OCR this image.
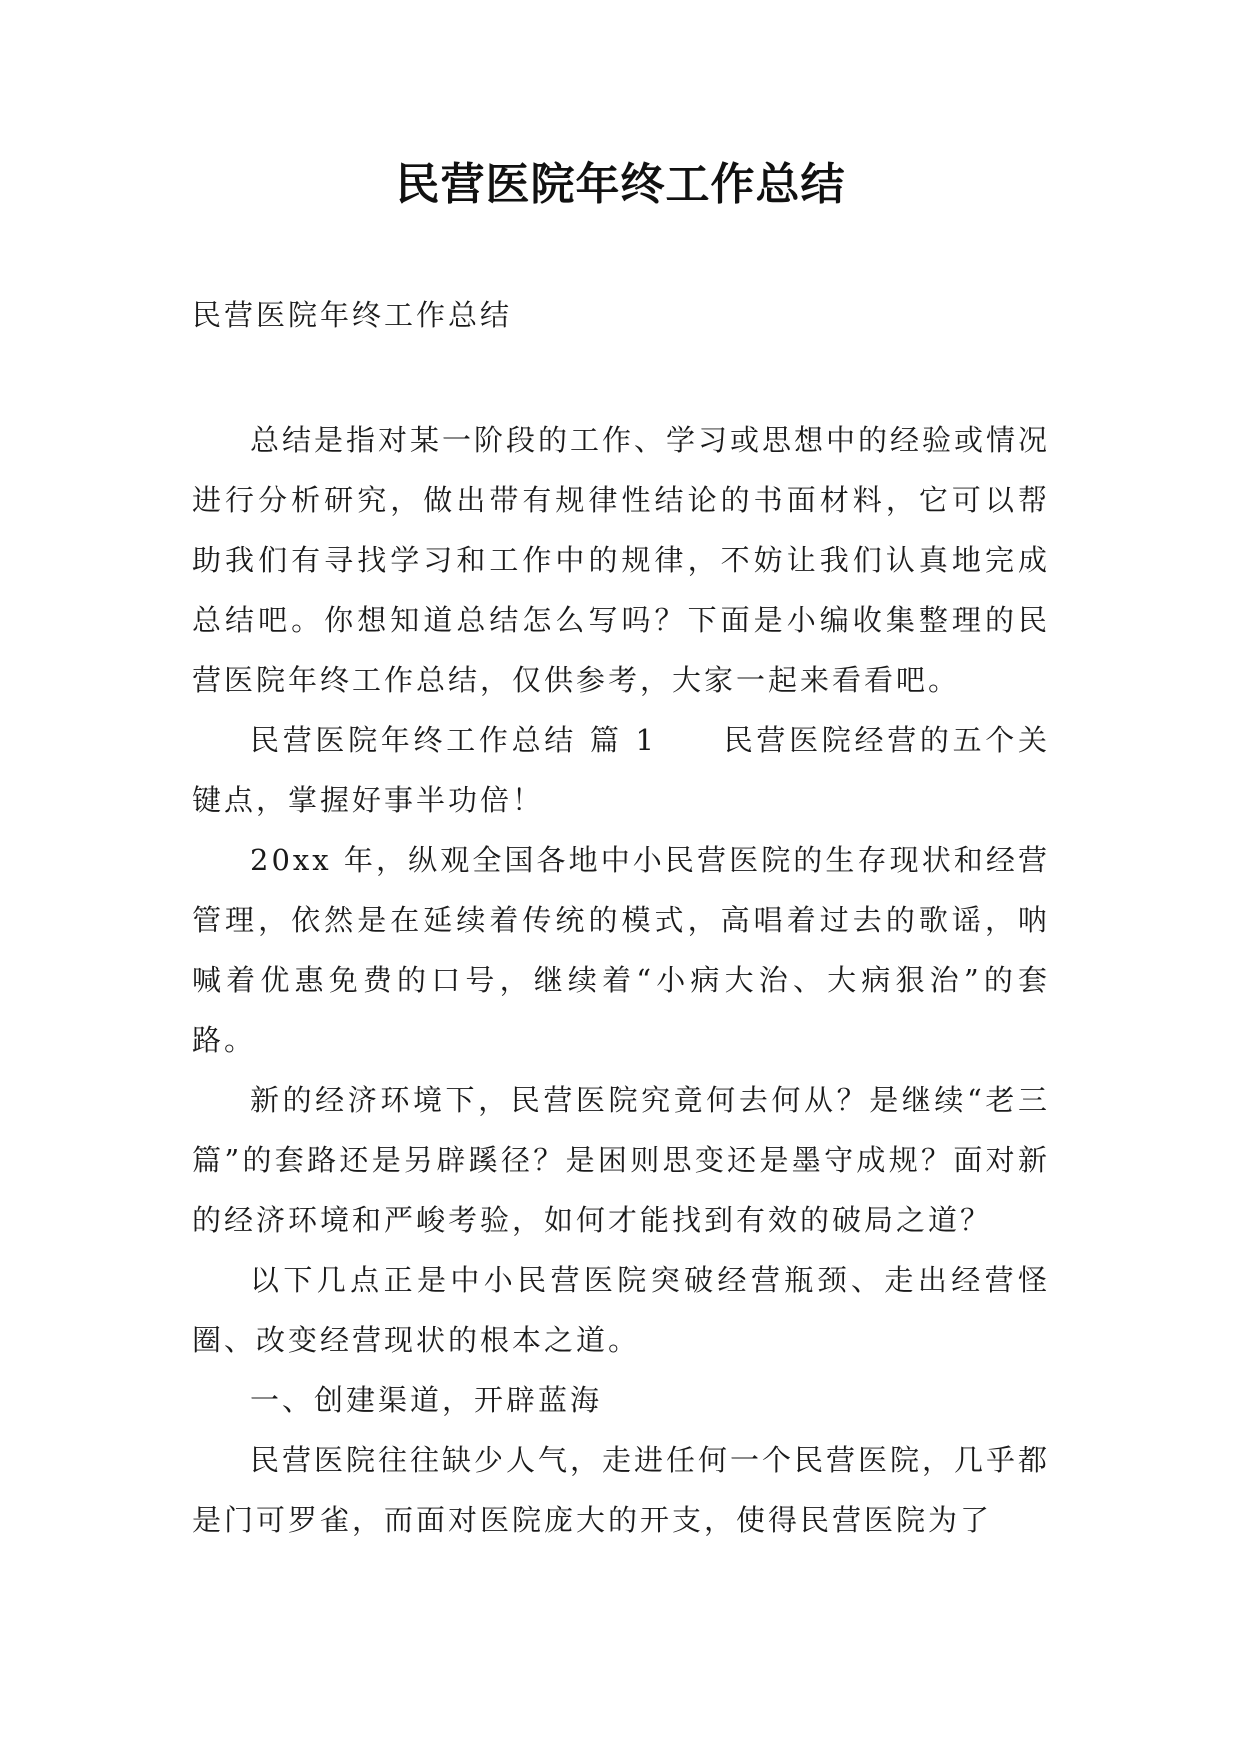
民营医院年终工作总结
民营医院年终工作总结

总结是指对某一阶段的工作、学习或思想中的经验或情况进行分析研究，做出带有规律性结论的书面材料，它可以帮助我们有寻找学习和工作中的规律，不妨让我们认真地完成总结吧。你想知道总结怎么写吗？下面是小编收集整理的民营医院年终工作总结，仅供参考，大家一起来看看吧。

民营医院年终工作总结 篇 1 民营医院经营的五个关键点，掌握好事半功倍！

20xx 年，纵观全国各地中小民营医院的生存现状和经营管理，依然是在延续着传统的模式，高唱着过去的歌谣，呐喊着优惠免费的口号，继续着“小病大治、大病狠治”的套路。

新的经济环境下，民营医院究竟何去何从？是继续“老三篇”的套路还是另辟蹊径？是困则思变还是墨守成规？面对新的经济环境和严峻考验，如何才能找到有效的破局之道？

以下几点正是中小民营医院突破经营瓶颈、走出经营怪圈、改变经营现状的根本之道。

一、创建渠道，开辟蓝海

民营医院往往缺少人气，走进任何一个民营医院，几乎都是门可罗雀，而面对医院庞大的开支，使得民营医院为了
